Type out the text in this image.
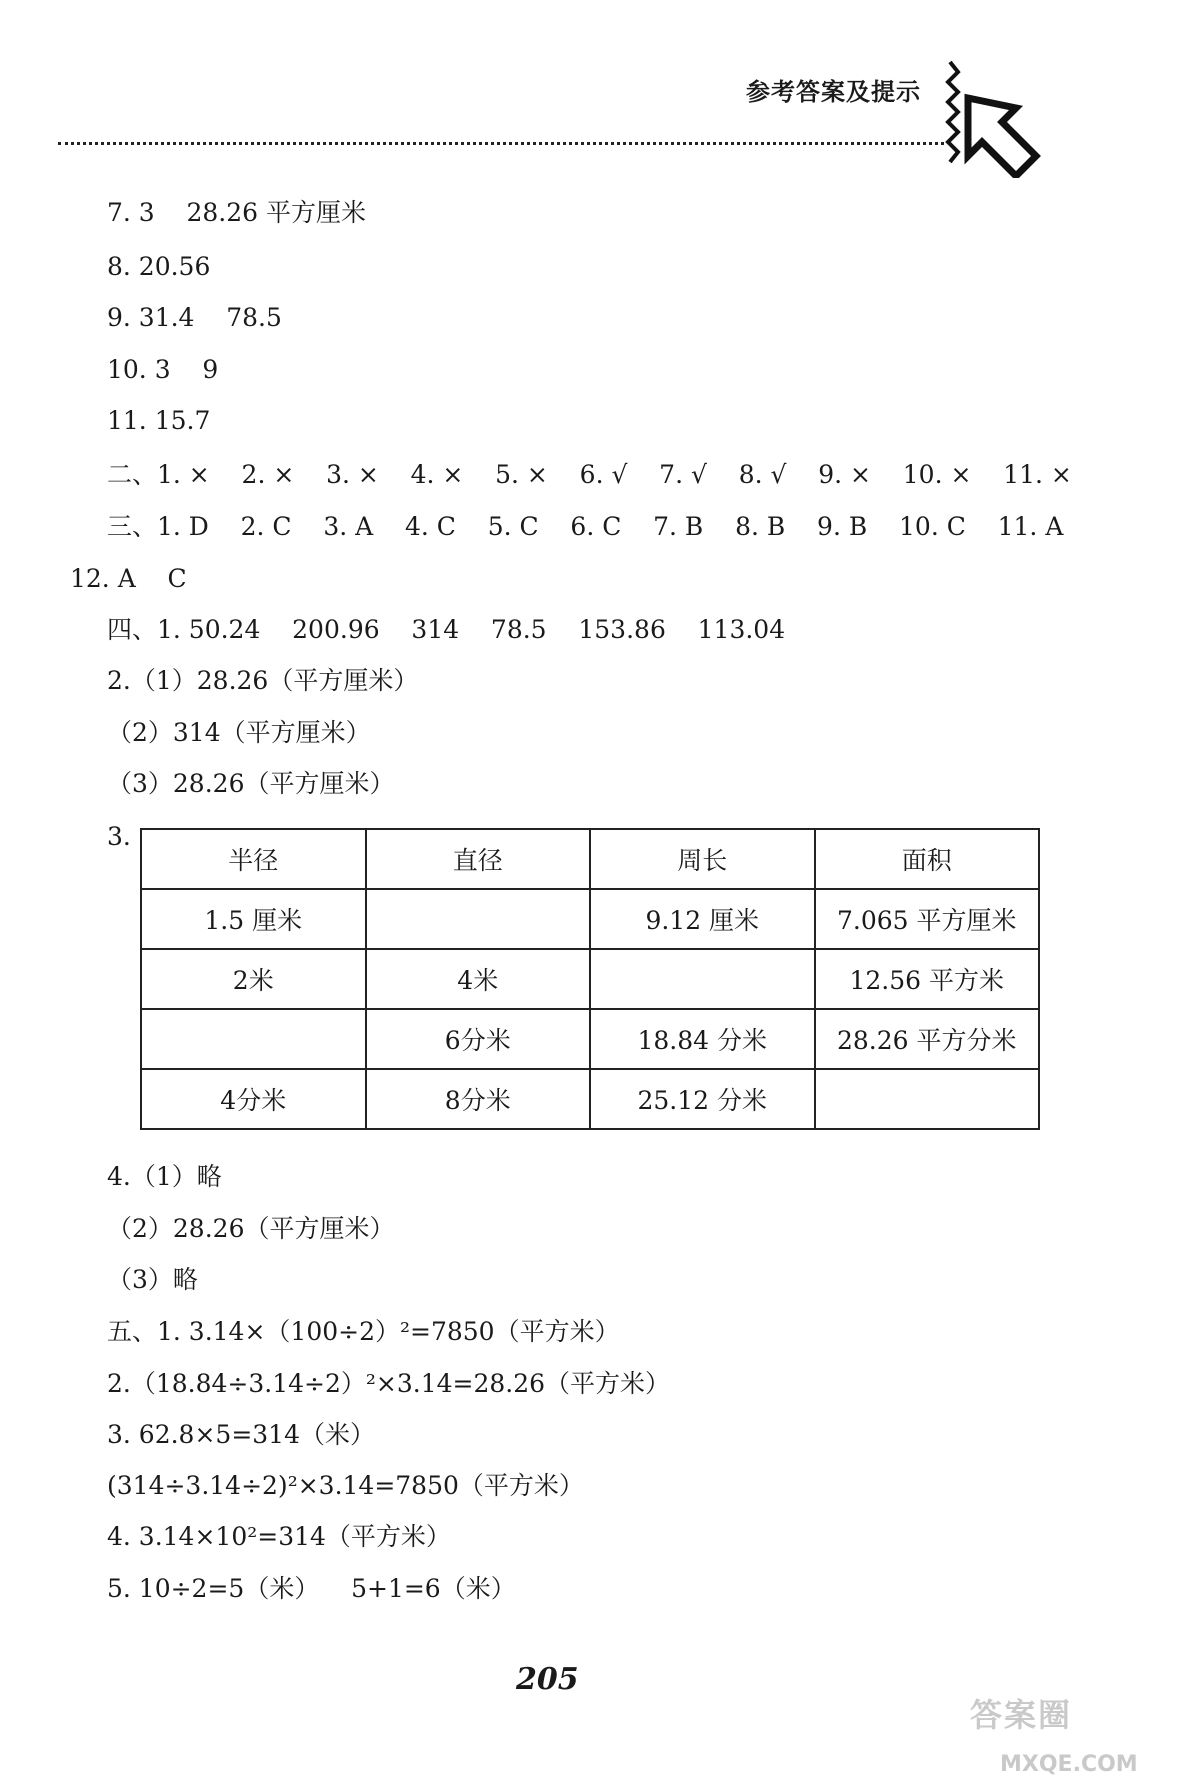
参考答案及提示
7. 3    28.26 平方厘米
8. 20.56
9. 31.4    78.5
10. 3    9
11. 15.7
二、1. ×    2. ×    3. ×    4. ×    5. ×    6. √    7. √    8. √    9. ×    10. ×    11. ×
三、1. D    2. C    3. A    4. C    5. C    6. C    7. B    8. B    9. B    10. C    11. A
12. A    C
四、1. 50.24    200.96    314    78.5    153.86    113.04
2.（1）28.26（平方厘米）
（2）314（平方厘米）
（3）28.26（平方厘米）
3.
半径	直径	周长	面积
1.5 厘米		9.12 厘米	7.065 平方厘米
2米	4米		12.56 平方米
	6分米	18.84 分米	28.26 平方分米
4分米	8分米	25.12 分米	
4.（1）略
（2）28.26（平方厘米）
（3）略
五、1. 3.14×（100÷2）²=7850（平方米）
2.（18.84÷3.14÷2）²×3.14=28.26（平方米）
3. 62.8×5=314（米）
(314÷3.14÷2)²×3.14=7850（平方米）
4. 3.14×10²=314（平方米）
5. 10÷2=5（米）    5+1=6（米）
205
答案圈
MXQE.COM
